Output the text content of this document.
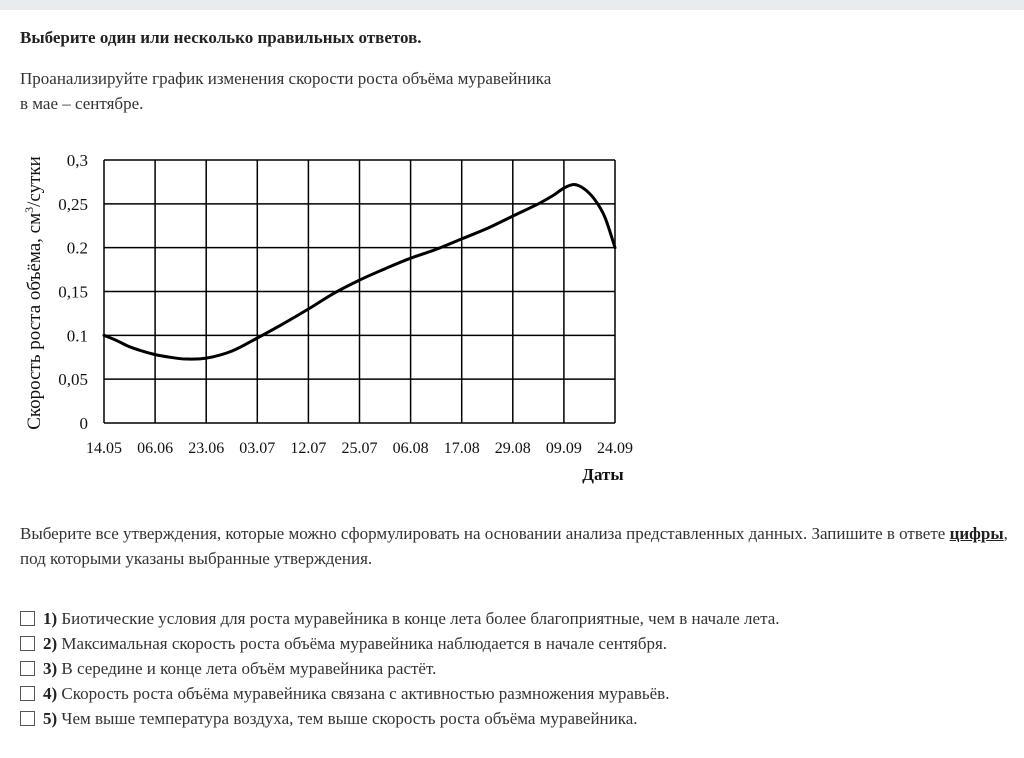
Выберите один или несколько правильных ответов.
Проанализируйте график изменения скорости роста объёма муравейника
в мае – сентябре.
0
0,05
0.1
0,15
0.2
0,25
0,3
14.05 06.06 23.06 03.07 12.07 25.07 06.08 17.08 29.08 09.09 24.09
Скорость роста объёма, $см^3$/сутки
Даты
Выберите все утверждения, которые можно сформулировать на основании анализа представленных данных. Запишите в ответе цифры, под которыми указаны выбранные утверждения.
1) Биотические условия для роста муравейника в конце лета более благоприятные, чем в начале лета.
2) Максимальная скорость роста объёма муравейника наблюдается в начале сентября.
3) В середине и конце лета объём муравейника растёт.
4) Скорость роста объёма муравейника связана с активностью размножения муравьёв.
5) Чем выше температура воздуха, тем выше скорость роста объёма муравейника.
